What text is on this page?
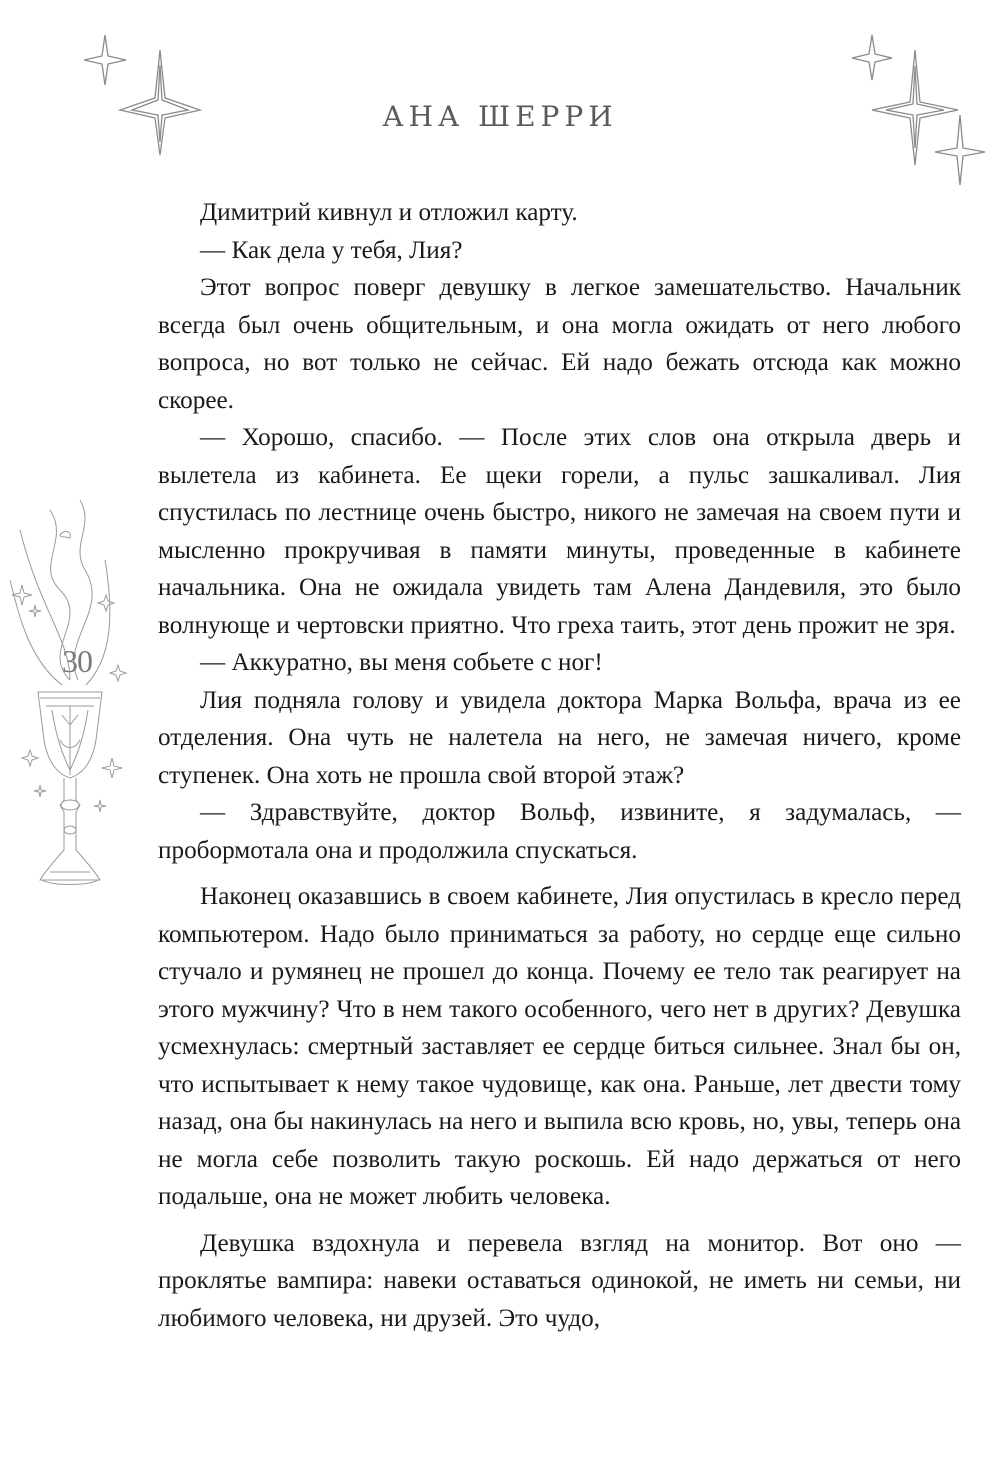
АНА ШЕРРИ
30

Димитрий кивнул и отложил карту.

— Как дела у тебя, Лия?

Этот вопрос поверг девушку в легкое замешательство. Начальник всегда был очень общительным, и она могла ожидать от него любого вопроса, но вот только не сейчас. Ей надо бежать отсюда как можно скорее.

— Хорошо, спасибо. — После этих слов она открыла дверь и вылетела из кабинета. Ее щеки горели, а пульс зашкаливал. Лия спустилась по лестнице очень быстро, никого не замечая на своем пути и мысленно прокручивая в памяти минуты, проведенные в кабинете начальника. Она не ожидала увидеть там Алена Дандевиля, это было волнующе и чертовски приятно. Что греха таить, этот день прожит не зря.

— Аккуратно, вы меня собьете с ног!

Лия подняла голову и увидела доктора Марка Вольфа, врача из ее отделения. Она чуть не налетела на него, не замечая ничего, кроме ступенек. Она хоть не прошла свой второй этаж?

— Здравствуйте, доктор Вольф, извините, я задумалась, — пробормотала она и продолжила спускаться.

Наконец оказавшись в своем кабинете, Лия опустилась в кресло перед компьютером. Надо было приниматься за работу, но сердце еще сильно стучало и румянец не прошел до конца. Почему ее тело так реагирует на этого мужчину? Что в нем такого особенного, чего нет в других? Девушка усмехнулась: смертный заставляет ее сердце биться сильнее. Знал бы он, что испытывает к нему такое чудовище, как она. Раньше, лет двести тому назад, она бы накинулась на него и выпила всю кровь, но, увы, теперь она не могла себе позволить такую роскошь. Ей надо держаться от него подальше, она не может любить человека.

Девушка вздохнула и перевела взгляд на монитор. Вот оно — проклятье вампира: навеки оставаться одинокой, не иметь ни семьи, ни любимого человека, ни друзей. Это чудо,
